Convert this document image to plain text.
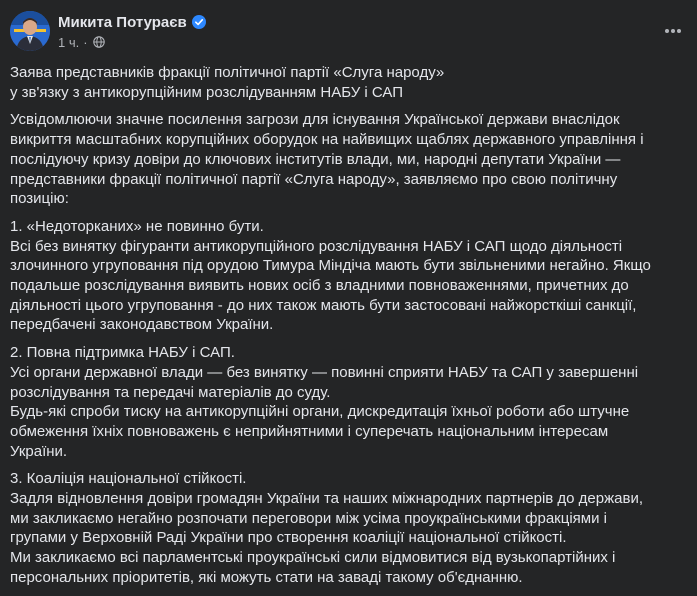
Микита Потураєв
1 ч. ·
Заява представників фракції політичної партії «Слуга народу»
у зв'язку з антикорупційним розслідуванням НАБУ і САП
Усвідомлюючи значне посилення загрози для існування Української держави внаслідок
викриття масштабних корупційних оборудок на найвищих щаблях державного управління і
послідуючу кризу довіри до ключових інститутів влади, ми, народні депутати України —
представники фракції політичної партії «Слуга народу», заявляємо про свою політичну
позицію:
1. «Недоторканих» не повинно бути.
Всі без винятку фігуранти антикорупційного розслідування НАБУ і САП щодо діяльності
злочинного угруповання під орудою Тимура Міндіча мають бути звільненими негайно. Якщо
подальше розслідування виявить нових осіб з владними повноваженнями, причетних до
діяльності цього угруповання - до них також мають бути застосовані найжорсткіші санкції,
передбачені законодавством України.
2. Повна підтримка НАБУ і САП.
Усі органи державної влади — без винятку — повинні сприяти НАБУ та САП у завершенні
розслідування та передачі матеріалів до суду.
Будь-які спроби тиску на антикорупційні органи, дискредитація їхньої роботи або штучне
обмеження їхніх повноважень є неприйнятними і суперечать національним інтересам
України.
3. Коаліція національної стійкості.
Задля відновлення довіри громадян України та наших міжнародних партнерів до держави,
ми закликаємо негайно розпочати переговори між усіма проукраїнськими фракціями і
групами у Верховній Раді України про створення коаліції національної стійкості.
Ми закликаємо всі парламентські проукраїнські сили відмовитися від вузькопартійних і
персональних пріоритетів, які можуть стати на заваді такому об'єднанню.
